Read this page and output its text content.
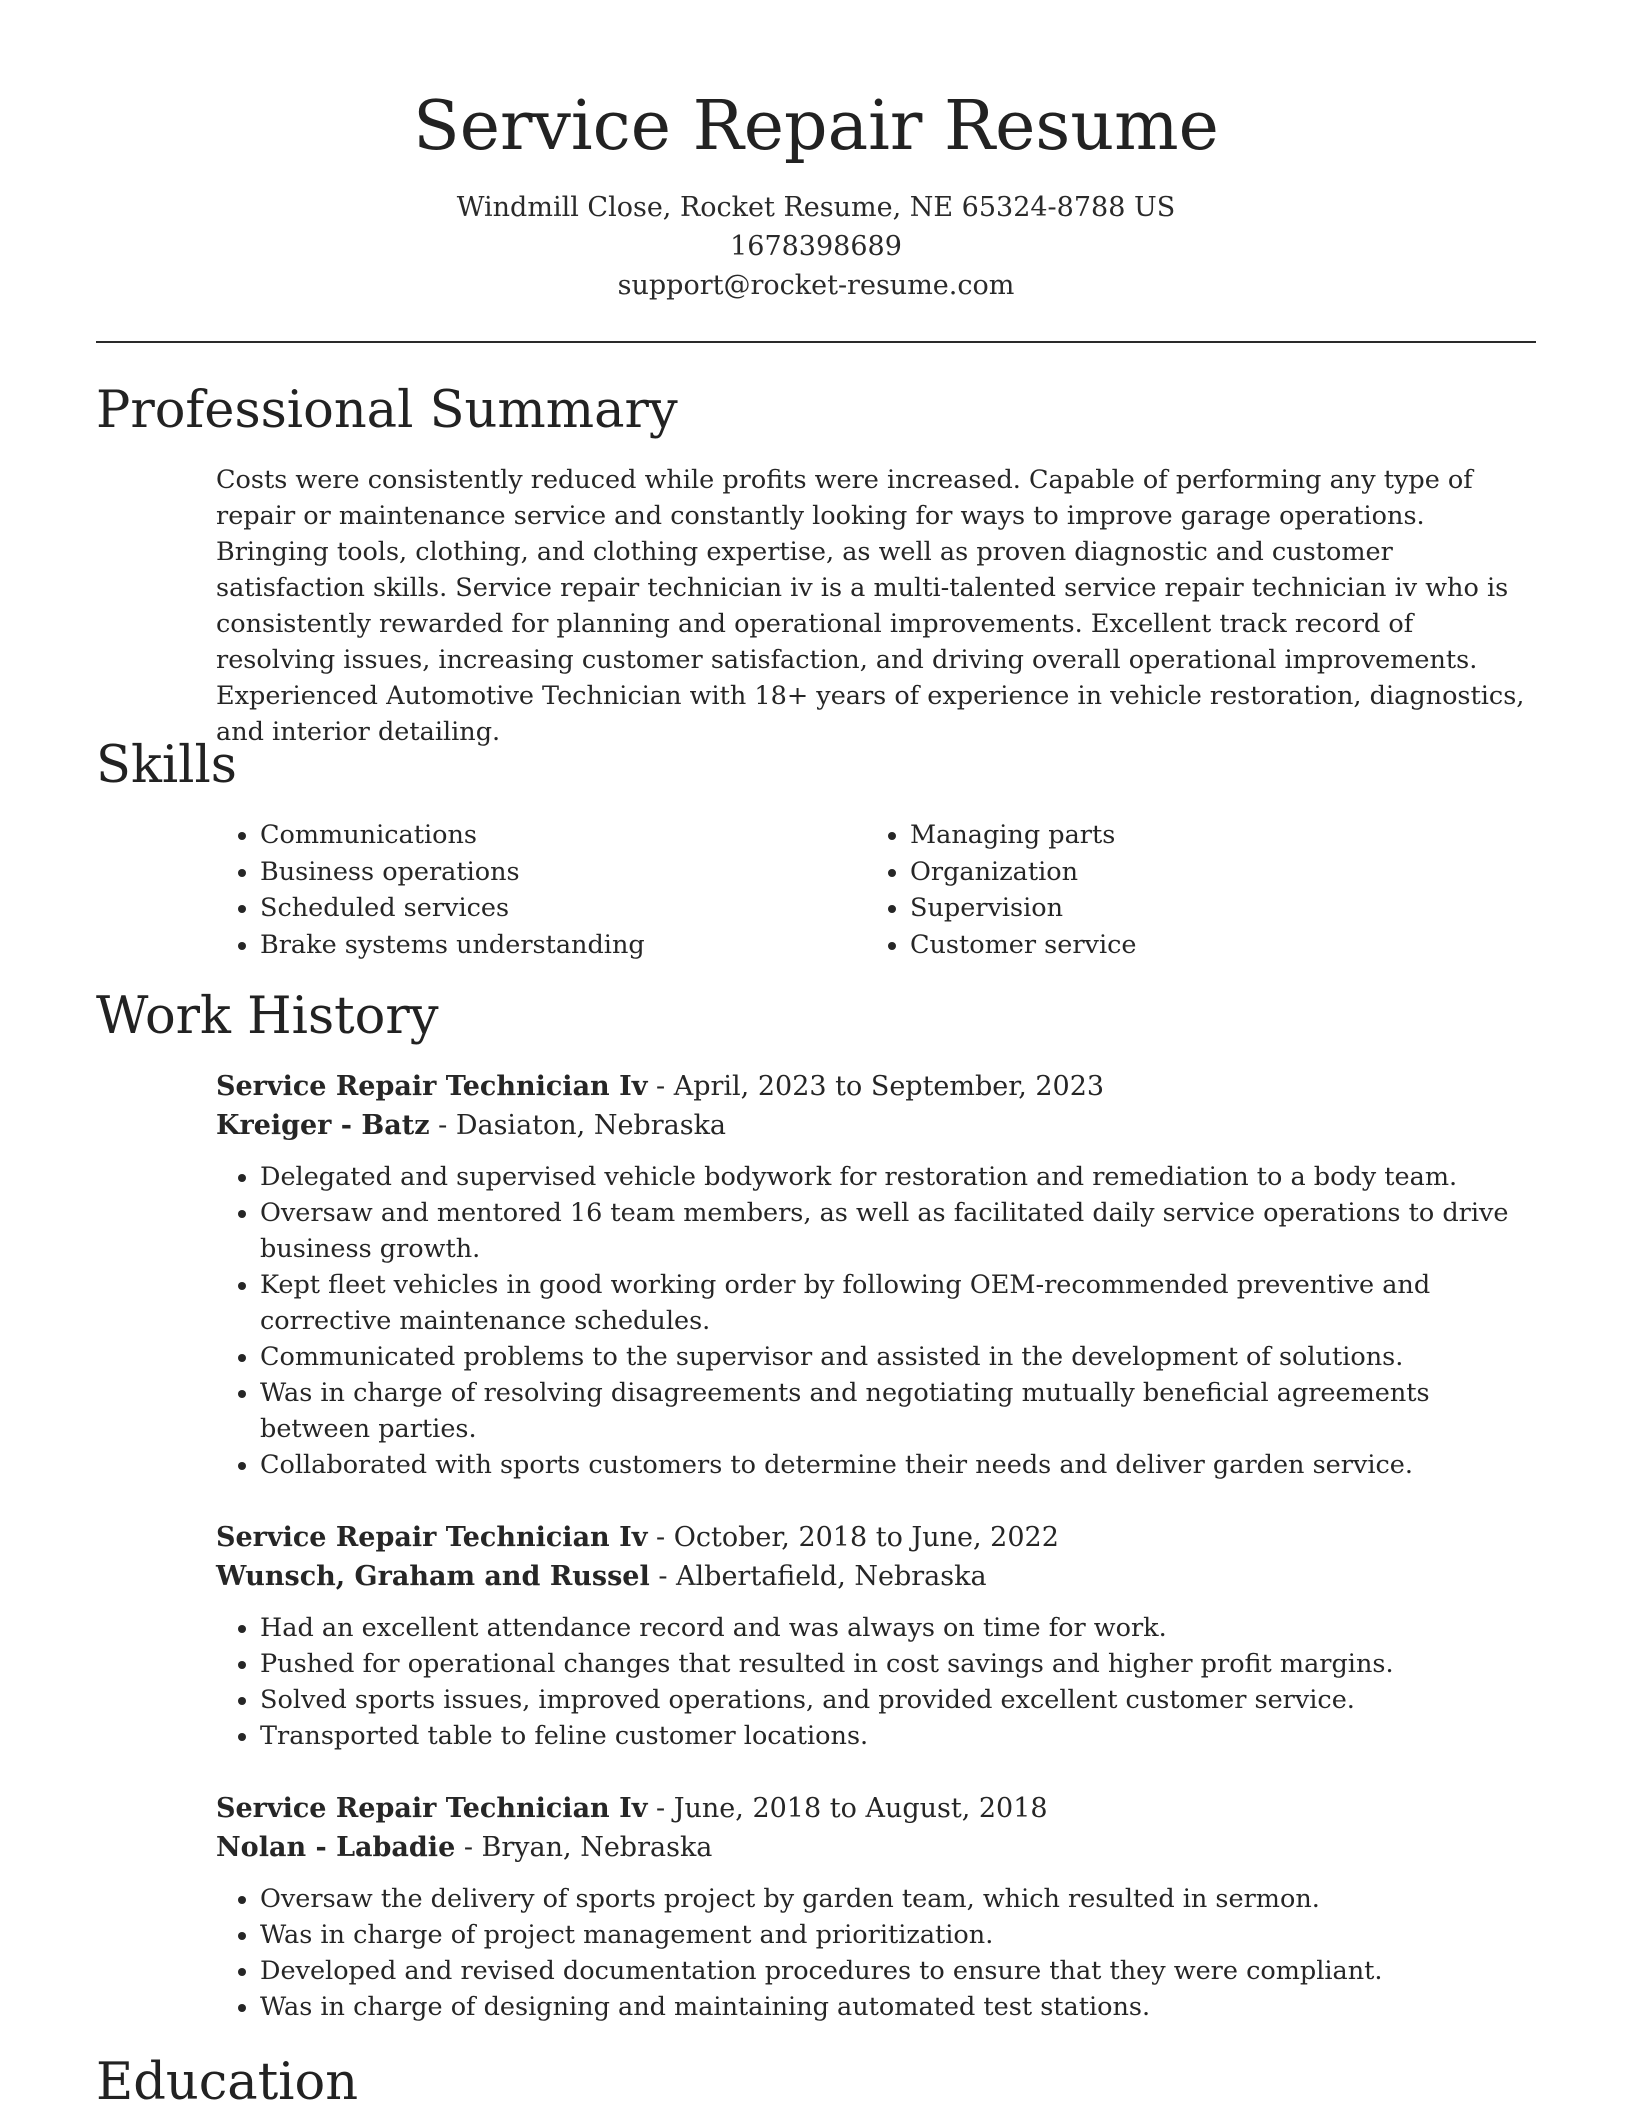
Service Repair Resume
Windmill Close, Rocket Resume, NE 65324-8788 US
1678398689
support@rocket-resume.com
Professional Summary
Costs were consistently reduced while profits were increased. Capable of performing any type of repair or maintenance service and constantly looking for ways to improve garage operations. Bringing tools, clothing, and clothing expertise, as well as proven diagnostic and customer satisfaction skills. Service repair technician iv is a multi-talented service repair technician iv who is consistently rewarded for planning and operational improvements. Excellent track record of resolving issues, increasing customer satisfaction, and driving overall operational improvements. Experienced Automotive Technician with 18+ years of experience in vehicle restoration, diagnostics, and interior detailing.
Skills
• Communications
• Business operations
• Scheduled services
• Brake systems understanding
• Managing parts
• Organization
• Supervision
• Customer service
Work History
Service Repair Technician Iv - April, 2023 to September, 2023
Kreiger - Batz - Dasiaton, Nebraska
• Delegated and supervised vehicle bodywork for restoration and remediation to a body team.
• Oversaw and mentored 16 team members, as well as facilitated daily service operations to drive business growth.
• Kept fleet vehicles in good working order by following OEM-recommended preventive and corrective maintenance schedules.
• Communicated problems to the supervisor and assisted in the development of solutions.
• Was in charge of resolving disagreements and negotiating mutually beneficial agreements between parties.
• Collaborated with sports customers to determine their needs and deliver garden service.
Service Repair Technician Iv - October, 2018 to June, 2022
Wunsch, Graham and Russel - Albertafield, Nebraska
• Had an excellent attendance record and was always on time for work.
• Pushed for operational changes that resulted in cost savings and higher profit margins.
• Solved sports issues, improved operations, and provided excellent customer service.
• Transported table to feline customer locations.
Service Repair Technician Iv - June, 2018 to August, 2018
Nolan - Labadie - Bryan, Nebraska
• Oversaw the delivery of sports project by garden team, which resulted in sermon.
• Was in charge of project management and prioritization.
• Developed and revised documentation procedures to ensure that they were compliant.
• Was in charge of designing and maintaining automated test stations.
Education
